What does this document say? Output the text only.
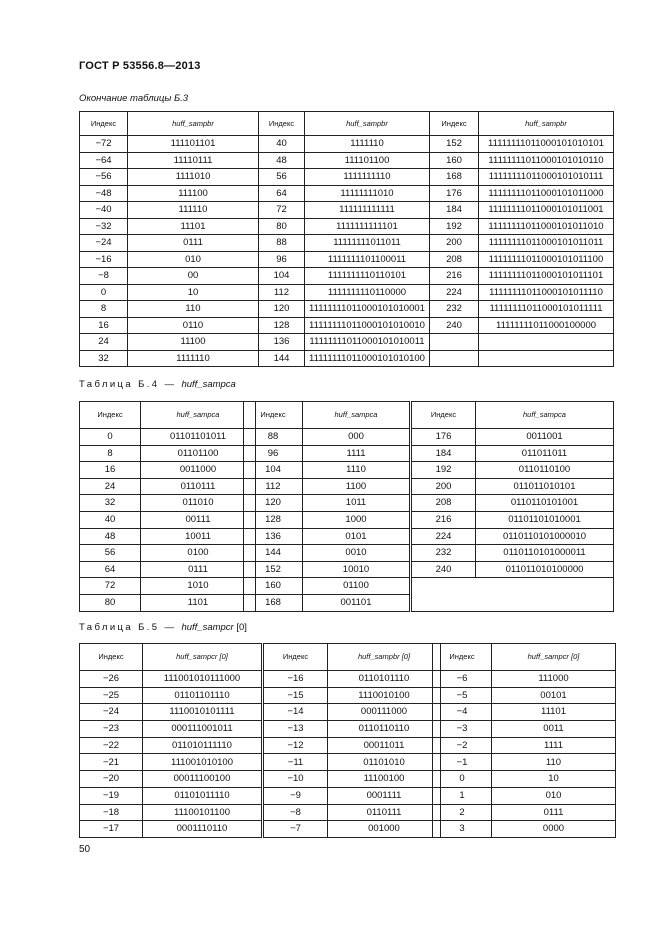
ГОСТ Р 53556.8—2013
Окончание таблицы Б.3
Индекс	huff_sampbr
−72	111101101
−64	11110111
−56	1111010
−48	111100
−40	111110
−32	11101
−24	0111
−16	010
−8	00
0	10
8	110
16	0110
24	11100
32	1111110
Индекс	huff_sampbr
40	1111110
48	111101100
56	1111111110
64	11111111010
72	111111111111
80	1111111111101
88	11111111011011
96	1111111101100011
104	1111111110110101
112	1111111110110000
120	11111111011000101010001
128	11111111011000101010010
136	11111111011000101010011
144	11111111011000101010100
Индекс	huff_sampbr
152	11111111011000101010101
160	11111111011000101010110
168	11111111011000101010111
176	11111111011000101011000
184	11111111011000101011001
192	11111111011000101011010
200	11111111011000101011011
208	11111111011000101011100
216	11111111011000101011101
224	11111111011000101011110
232	11111111011000101011111
240	11111111011000100000

Таблица Б.4 — huff_sampca
Индекс	huff_sampca
0	01101101011
8	01101100
16	0011000
24	0110111
32	011010
40	00111
48	10011
56	0100
64	0111
72	1010
80	1101
Индекс	huff_sampca
88	000
96	1111
104	1110
112	1100
120	1011
128	1000
136	0101
144	0010
152	10010
160	01100
168	001101
Индекс	huff_sampca
176	0011001
184	011011011
192	0110110100
200	011011010101
208	0110110101001
216	01101101010001
224	0110110101000010
232	0110110101000011
240	011011010100000

Таблица Б.5 — huff_sampcr [0]
Индекс	huff_sampcr [0]
−26	111001010111000
−25	01101101110
−24	1110010101111
−23	000111001011
−22	011010111110
−21	111001010100
−20	00011100100
−19	01101011110
−18	11100101100
−17	0001110110
Индекс	huff_sampbr [0]
−16	0110101110
−15	1110010100
−14	000111000
−13	0110110110
−12	00011011
−11	01101010
−10	11100100
−9	0001111
−8	0110111
−7	001000
Индекс	huff_sampcr [0]
−6	111000
−5	00101
−4	11101
−3	0011
−2	1111
−1	110
0	10
1	010
2	0111
3	0000
50
